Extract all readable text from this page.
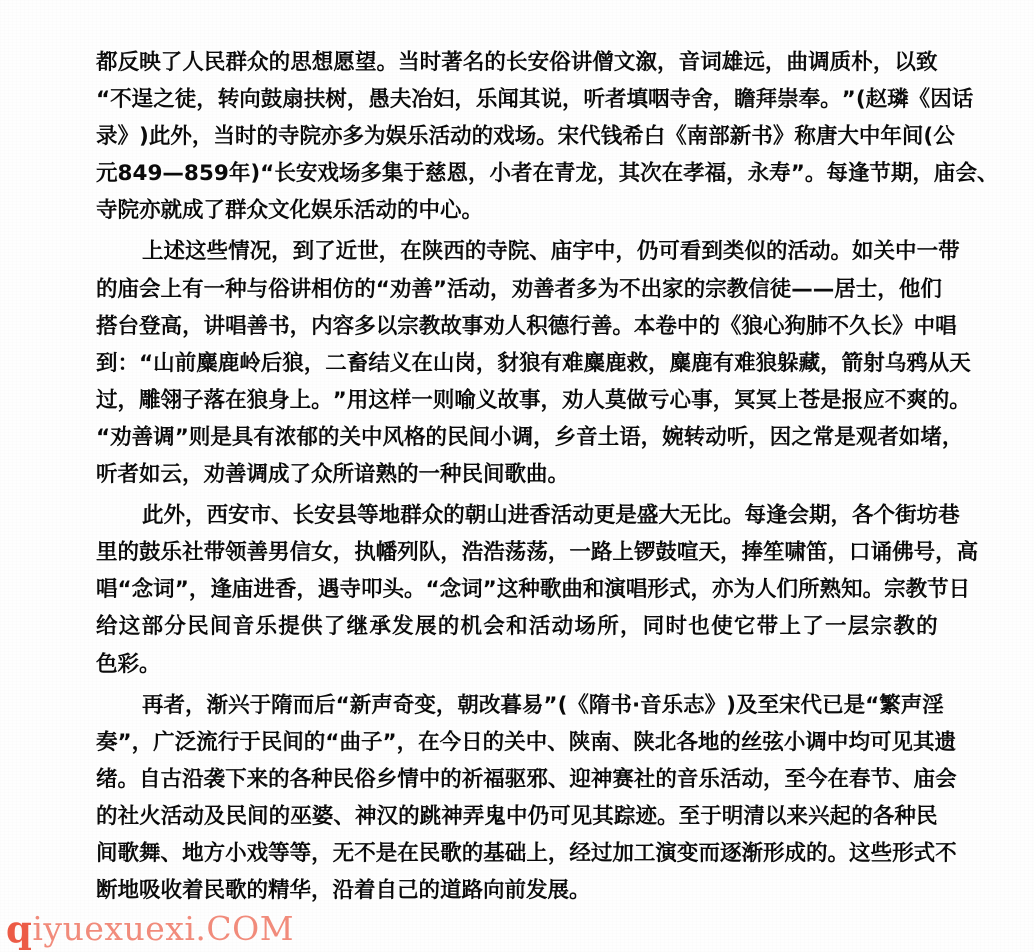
都 反 映 了 人 民 群 众 的 思 想 愿 望 。 当 时 著 名 的 长 安 俗 讲 僧 文 溆 ， 音 词 雄 远 ， 曲 调 质 朴 ， 以 致
“ 不 逞 之 徒 ， 转 向 鼓 扇 扶 树 ， 愚 夫 冶 妇 ， 乐 闻 其 说 ， 听 者 填 咽 寺 舍 ， 瞻 拜 崇 奉 。 ” ( 赵 璘 《 因 话
录 》 ) 此 外 ， 当 时 的 寺 院 亦 多 为 娱 乐 活 动 的 戏 场 。 宋 代 钱 希 白 《 南 部 新 书 》 称 唐 大 中 年 间 ( 公
元 8 4 9 — 8 5 9 年 ) “ 长 安 戏 场 多 集 于 慈 恩 ， 小 者 在 青 龙 ， 其 次 在 孝 福 ， 永 寿 ” 。 每 逢 节 期 ， 庙 会 、
寺院亦就成了群众文化娱乐活动的中心。
上 述 这 些 情 况 ， 到 了 近 世 ， 在 陕 西 的 寺 院 、 庙 宇 中 ， 仍 可 看 到 类 似 的 活 动 。 如 关 中 一 带
的 庙 会 上 有 一 种 与 俗 讲 相 仿 的 “ 劝 善 ” 活 动 ， 劝 善 者 多 为 不 出 家 的 宗 教 信 徒 — — 居 士 ， 他 们
搭 台 登 高 ， 讲 唱 善 书 ， 内 容 多 以 宗 教 故 事 劝 人 积 德 行 善 。 本 卷 中 的 《 狼 心 狗 肺 不 久 长 》 中 唱
到 ： “ 山 前 麋 鹿 岭 后 狼 ， 二 畜 结 义 在 山 岗 ， 豺 狼 有 难 麋 鹿 救 ， 麋 鹿 有 难 狼 躲 藏 ， 箭 射 乌 鸦 从 天
过 ， 雕 翎 子 落 在 狼 身 上 。 ” 用 这 样 一 则 喻 义 故 事 ， 劝 人 莫 做 亏 心 事 ， 冥 冥 上 苍 是 报 应 不 爽 的 。
“ 劝 善 调 ” 则 是 具 有 浓 郁 的 关 中 风 格 的 民 间 小 调 ， 乡 音 土 语 ， 婉 转 动 听 ， 因 之 常 是 观 者 如 堵 ，
听者如云，劝善调成了众所谙熟的一种民间歌曲。
此 外 ， 西 安 市 、 长 安 县 等 地 群 众 的 朝 山 进 香 活 动 更 是 盛 大 无 比 。 每 逢 会 期 ， 各 个 街 坊 巷
里 的 鼓 乐 社 带 领 善 男 信 女 ， 执 幡 列 队 ， 浩 浩 荡 荡 ， 一 路 上 锣 鼓 喧 天 ， 捧 笙 啸 笛 ， 口 诵 佛 号 ， 高
唱 “ 念 词 ” ， 逢 庙 进 香 ， 遇 寺 叩 头 。 “ 念 词 ” 这 种 歌 曲 和 演 唱 形 式 ， 亦 为 人 们 所 熟 知 。 宗 教 节 日
给 这 部 分 民 间 音 乐 提 供 了 继 承 发 展 的 机 会 和 活 动 场 所 ， 同 时 也 使 它 带 上 了 一 层 宗 教 的
色彩。
再 者 ， 渐 兴 于 隋 而 后 “ 新 声 奇 变 ， 朝 改 暮 易 ” ( 《 隋 书 · 音 乐 志 》 ) 及 至 宋 代 已 是 “ 繁 声 淫
奏 ” ， 广 泛 流 行 于 民 间 的 “ 曲 子 ” ， 在 今 日 的 关 中 、 陕 南 、 陕 北 各 地 的 丝 弦 小 调 中 均 可 见 其 遗
绪 。 自 古 沿 袭 下 来 的 各 种 民 俗 乡 情 中 的 祈 福 驱 邪 、 迎 神 赛 社 的 音 乐 活 动 ， 至 今 在 春 节 、 庙 会
的 社 火 活 动 及 民 间 的 巫 婆 、 神 汉 的 跳 神 弄 鬼 中 仍 可 见 其 踪 迹 。 至 于 明 清 以 来 兴 起 的 各 种 民
间 歌 舞 、 地 方 小 戏 等 等 ， 无 不 是 在 民 歌 的 基 础 上 ， 经 过 加 工 演 变 而 逐 渐 形 成 的 。 这 些 形 式 不
断地吸收着民歌的精华，沿着自己的道路向前发展。
qiyuexuexi.COM
